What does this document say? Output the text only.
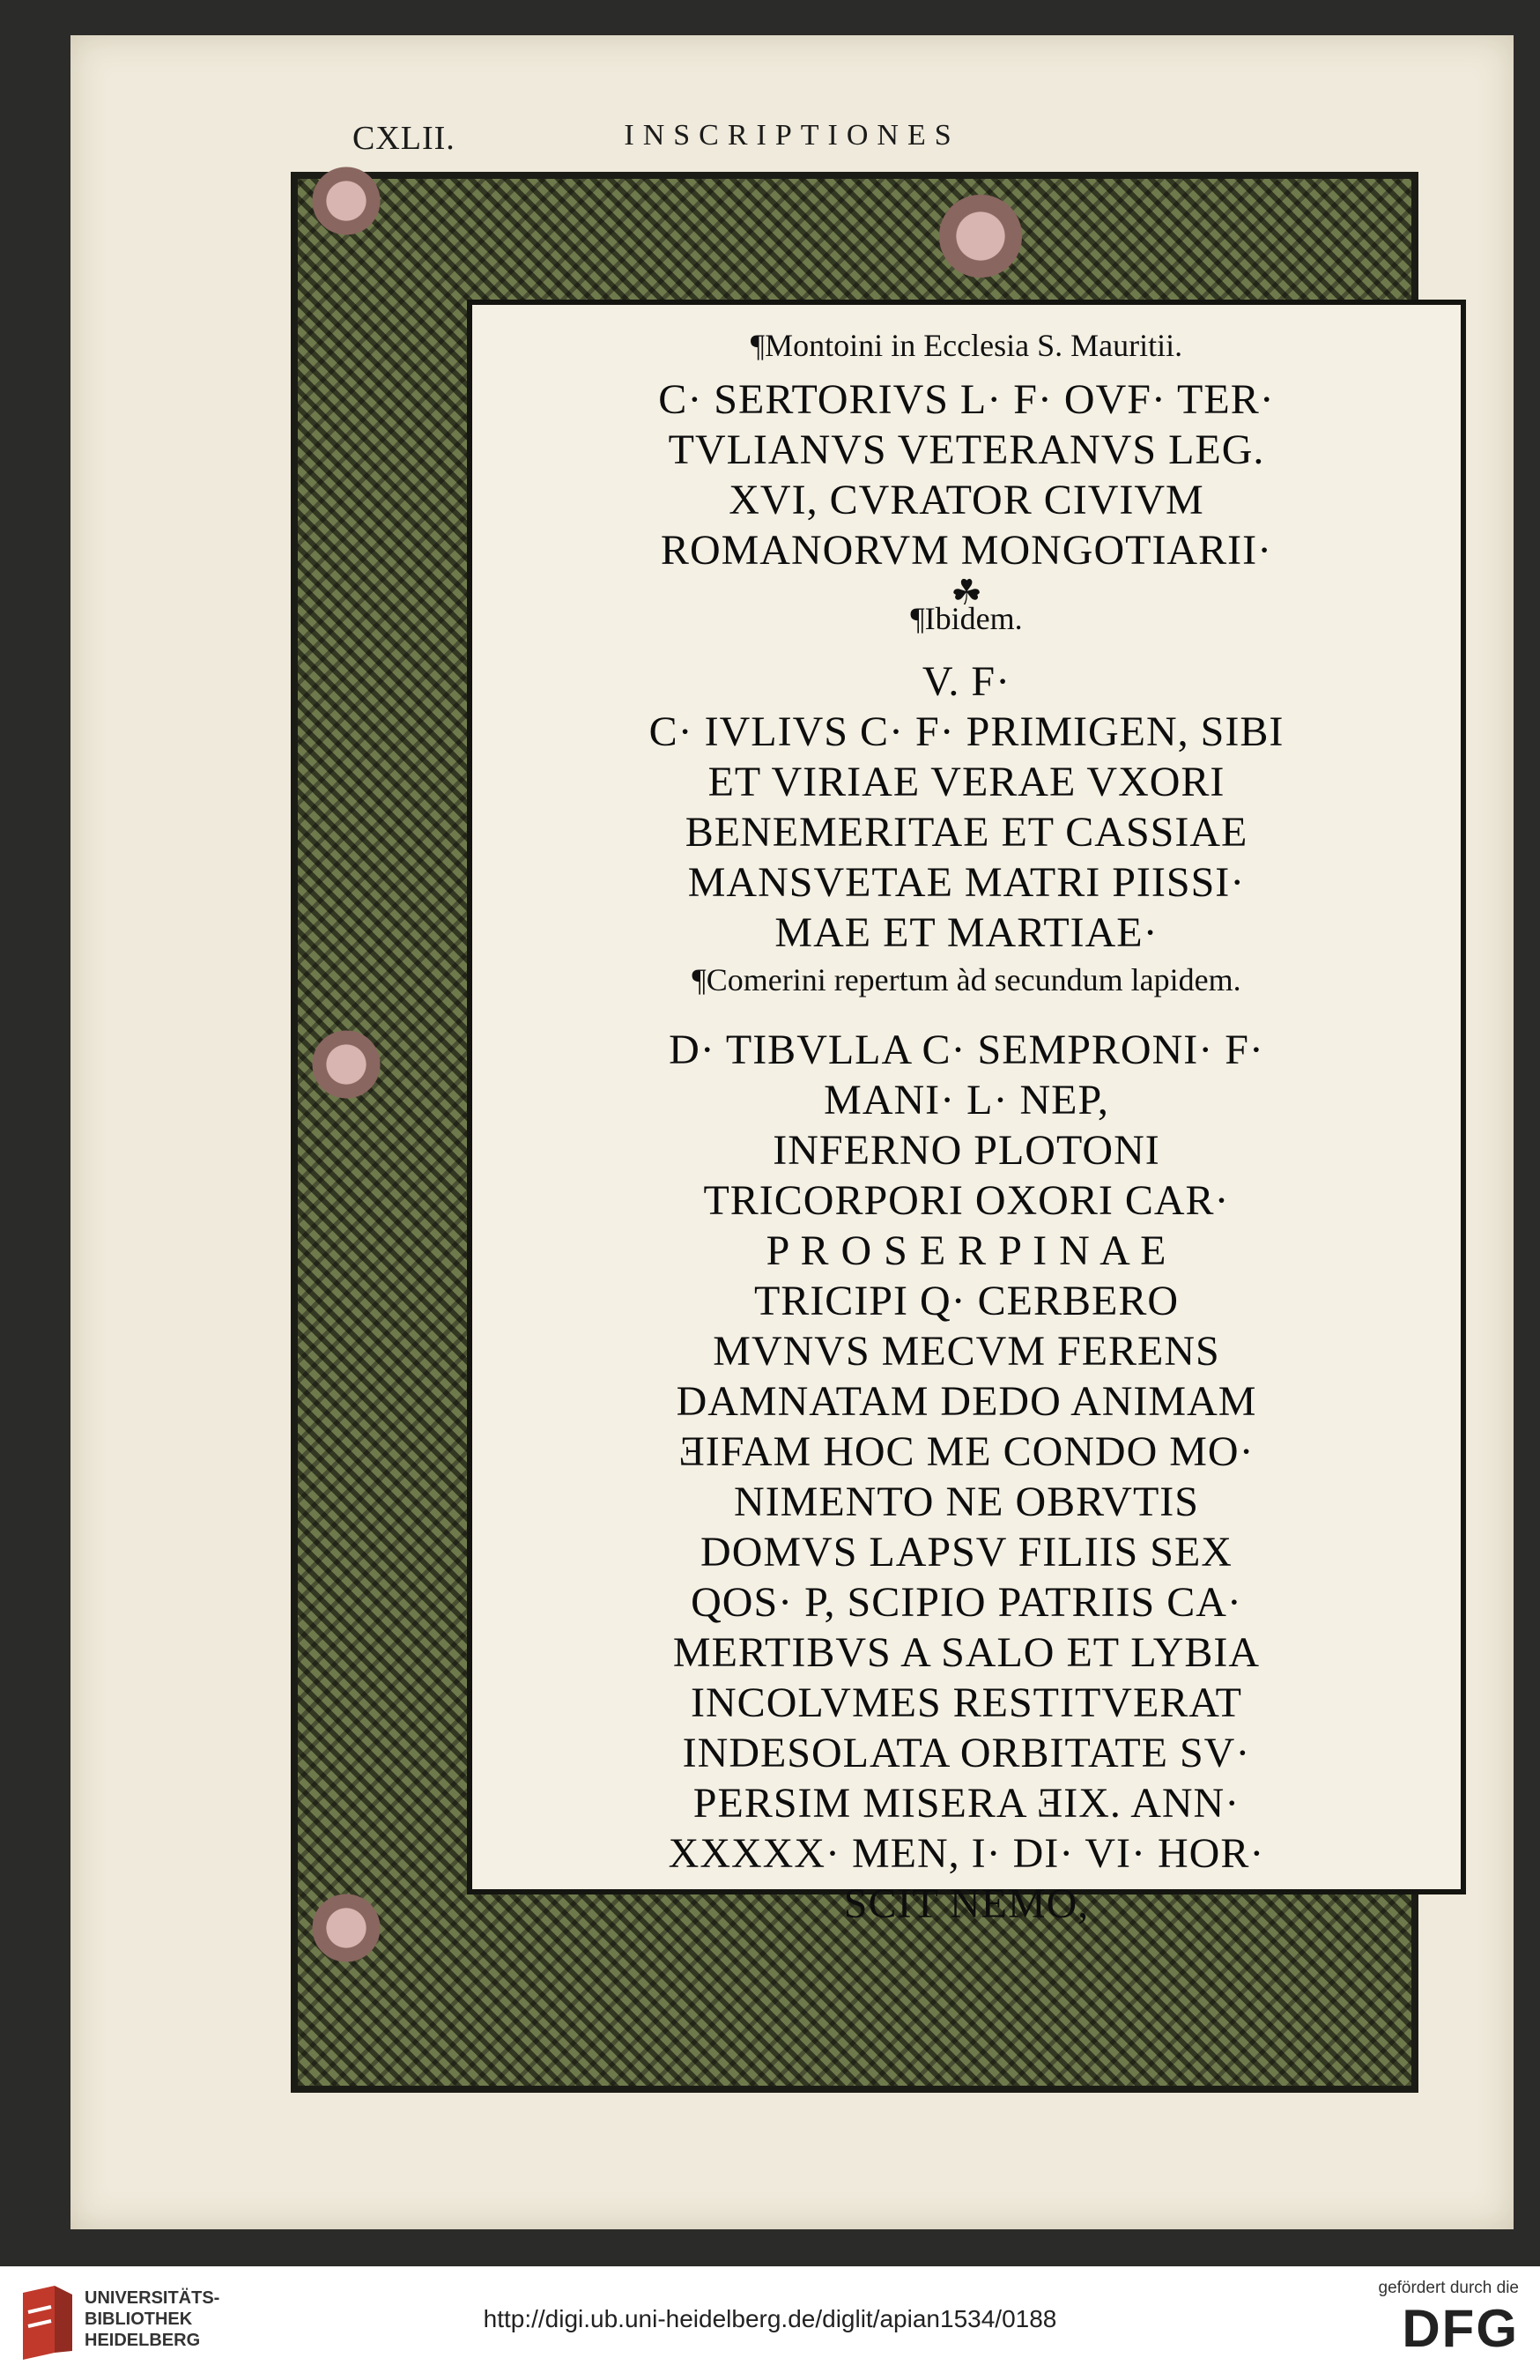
CXLII.	INSCRIPTIONES

¶Montoini in Ecclesia S. Mauritii.

C· SERTORIVS L· F· OVF· TER·
TVLIANVS VETERANVS LEG.
XVI, CVRATOR CIVIVM
ROMANORVM MONGOTIARII·
☘

¶Ibidem.

V. F·
C· IVLIVS C· F· PRIMIGEN, SIBI
ET VIRIAE VERAE VXORI
BENEMERITAE ET CASSIAE
MANSVETAE MATRI PIISSI·
MAE ET MARTIAE·

¶Comerini repertum àd secundum lapidem.

D· TIBVLLA C· SEMPRONI· F·
MANI· L· NEP,
INFERNO PLOTONI
TRICORPORI OXORI CAR·
P R O S E R P I N A E
TRICIPI Q· CERBERO
MVNVS MECVM FERENS
DAMNATAM DEDO ANIMAM
ƎIFAM HOC ME CONDO MO·
NIMENTO NE OBRVTIS
DOMVS LAPSV FILIIS SEX
QOS· P, SCIPIO PATRIIS CA·
MERTIBVS A SALO ET LYBIA
INCOLVMES RESTITVERAT
INDESOLATA ORBITATE SV·
PERSIM MISERA ƎIX. ANN·
XXXXX· MEN, I· DI· VI· HOR·
SCIT NEMO,
UNIVERSITÄTS-
BIBLIOTHEK
HEIDELBERG
http://digi.ub.uni-heidelberg.de/diglit/apian1534/0188
gefördert durch die
DFG
